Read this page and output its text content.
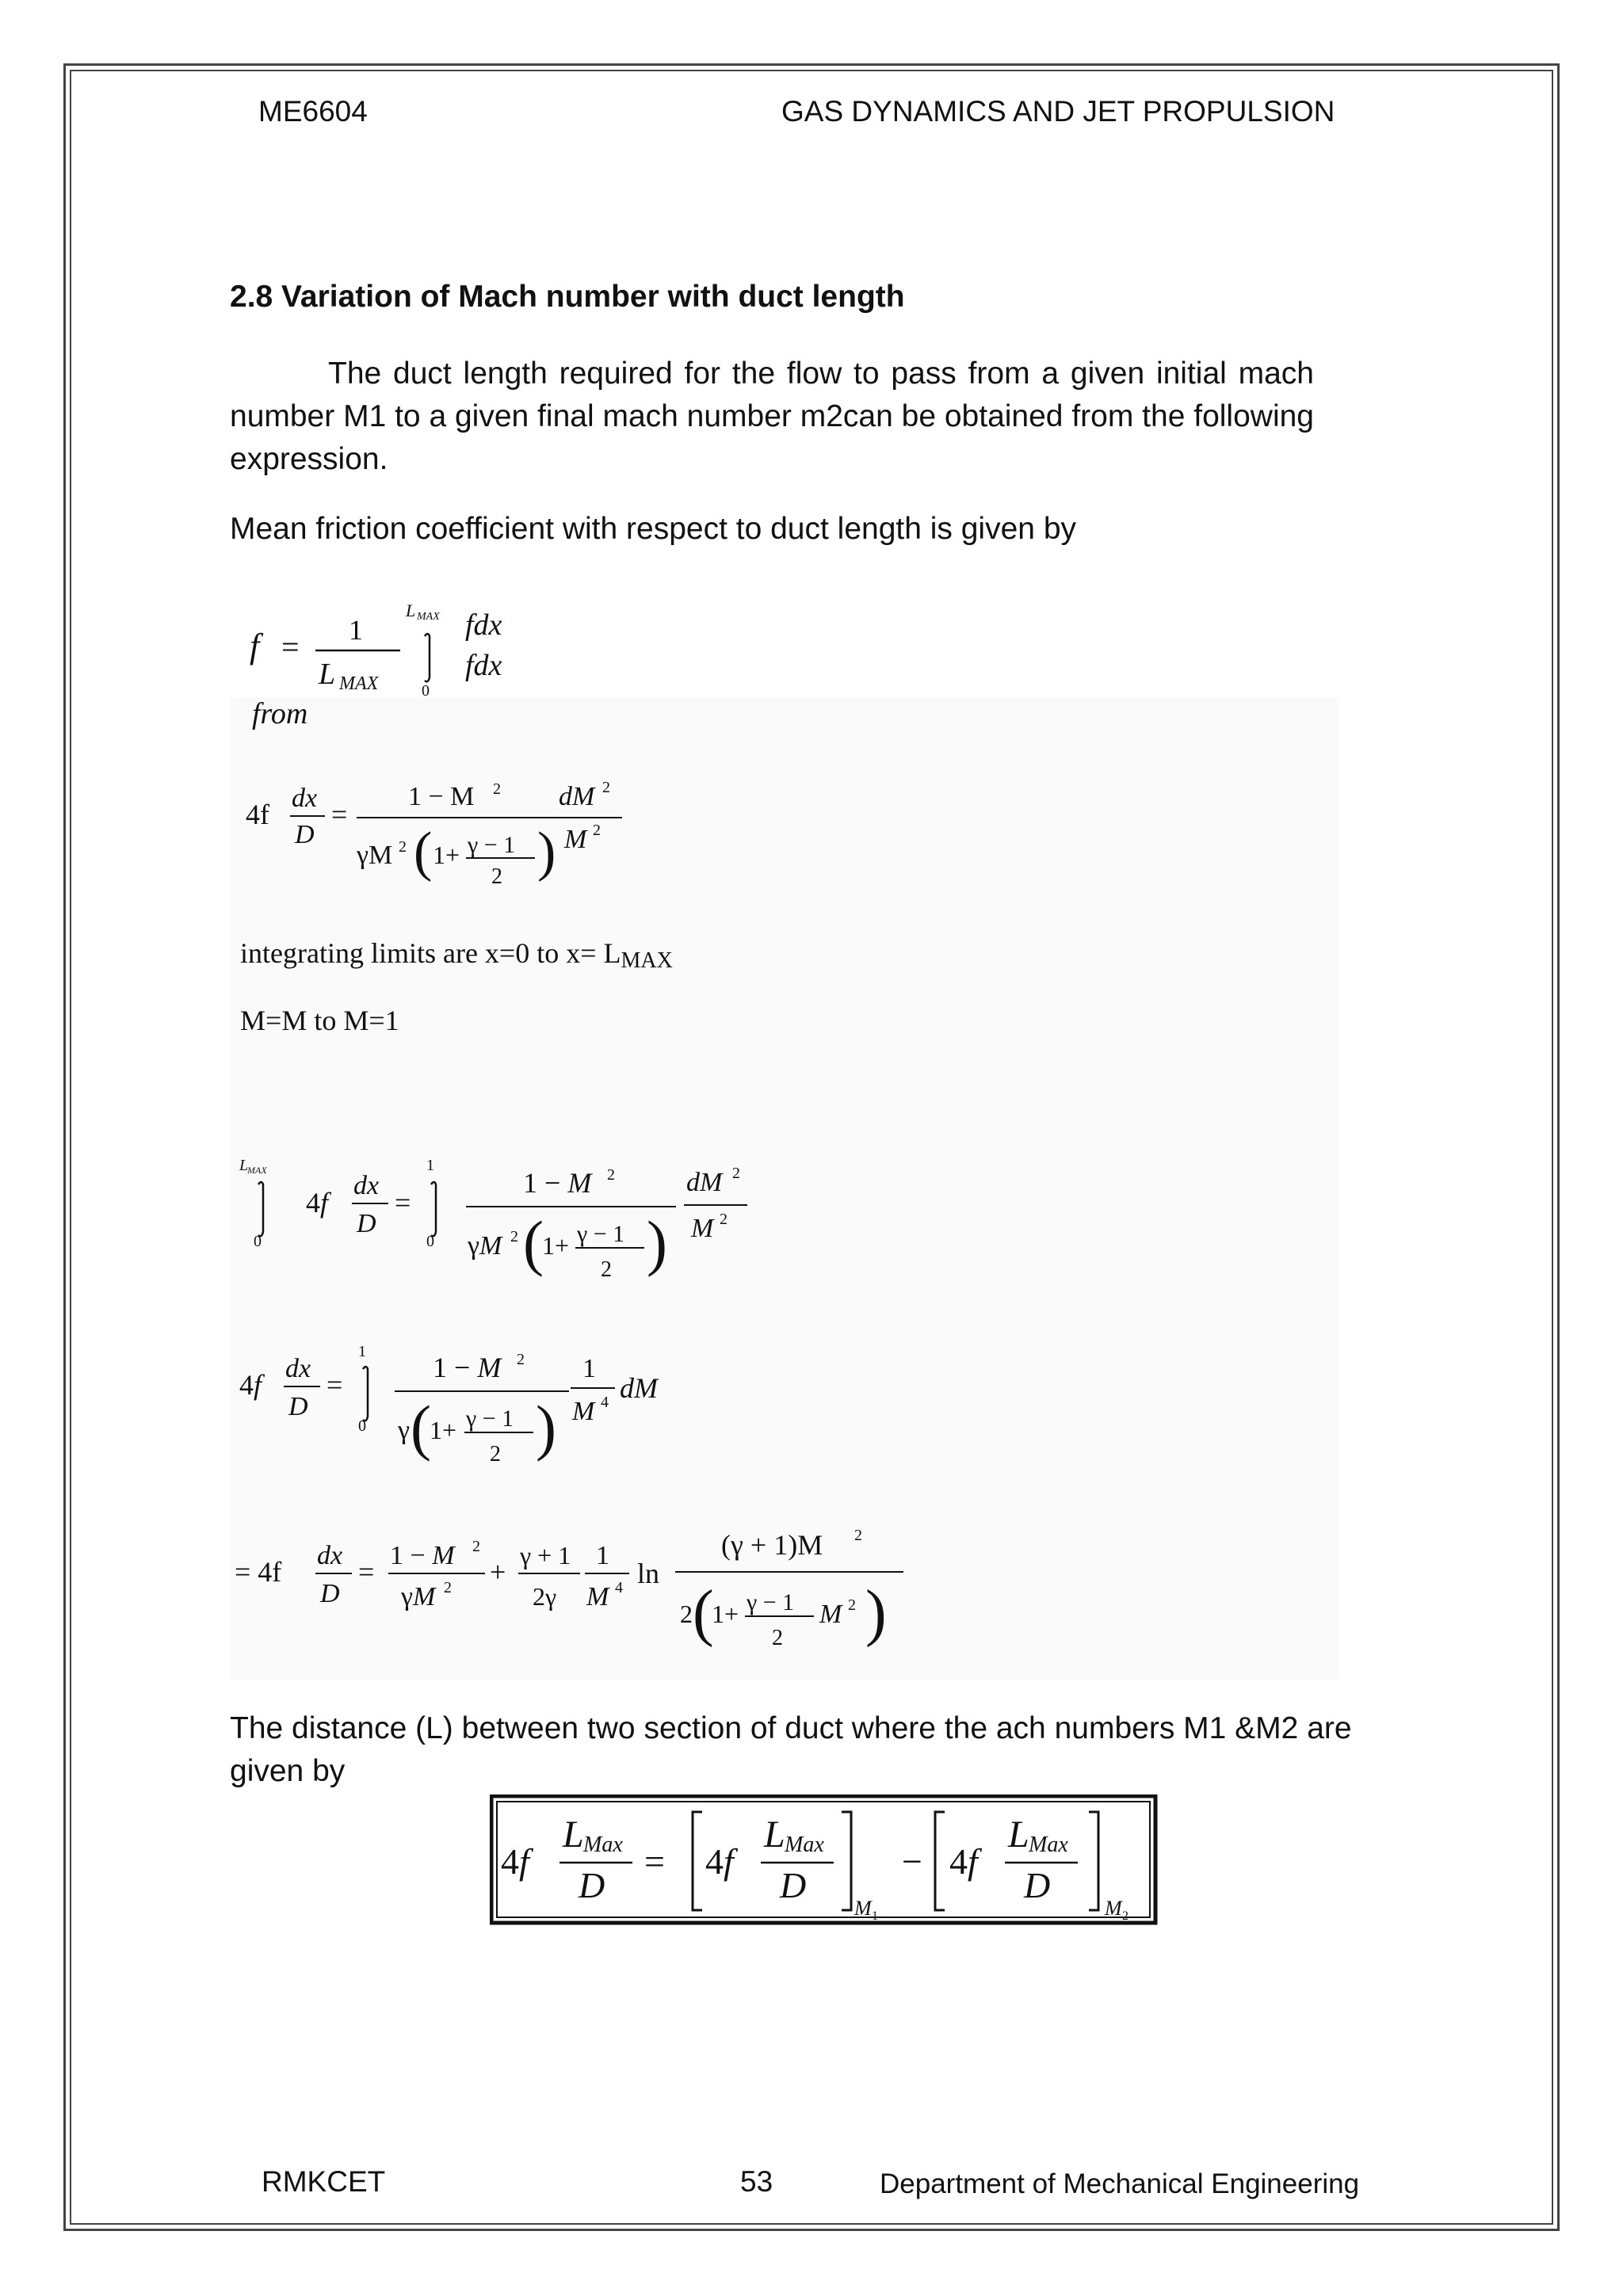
ME6604	GAS DYNAMICS AND JET PROPULSION
2.8 Variation of Mach number with duct length
The duct length required for the flow to pass from a given initial mach number M1 to a given final mach number m2can be obtained from the following expression.
Mean friction coefficient with respect to duct length is given by
f = 1
L MAX
L MAX
0
fdx
fdx
from
4f
dx
D
=
1 − M 2
γM 2 ( 1+ γ − 1
2 )
dM 2
M 2
integrating limits are x=0 to x= LMAX
M=M to M=1
L
MAX
0
4f
dx
D
=
1
0
1 − M 2
γM 2 (
1+ γ − 1
2 )
dM 2
M 2
4f
dx
D
=
1
0
1 − M 2
γ (
1+ γ − 1
2 )
1
M 4 dM
= 4f
dx
D
=
1 − M 2
γM 2 +
γ + 1
2γ
1
M 4 ln
(γ + 1)M 2
2 (
1+ γ − 1
2
M 2 )
The distance (L) between two section of duct where the ach numbers M1 &M2 are given by
4f
L Max
D
= 4f
L Max
D
M 1
− 4f
L Max
D
M 2
RMKCET	53	Department of Mechanical Engineering
